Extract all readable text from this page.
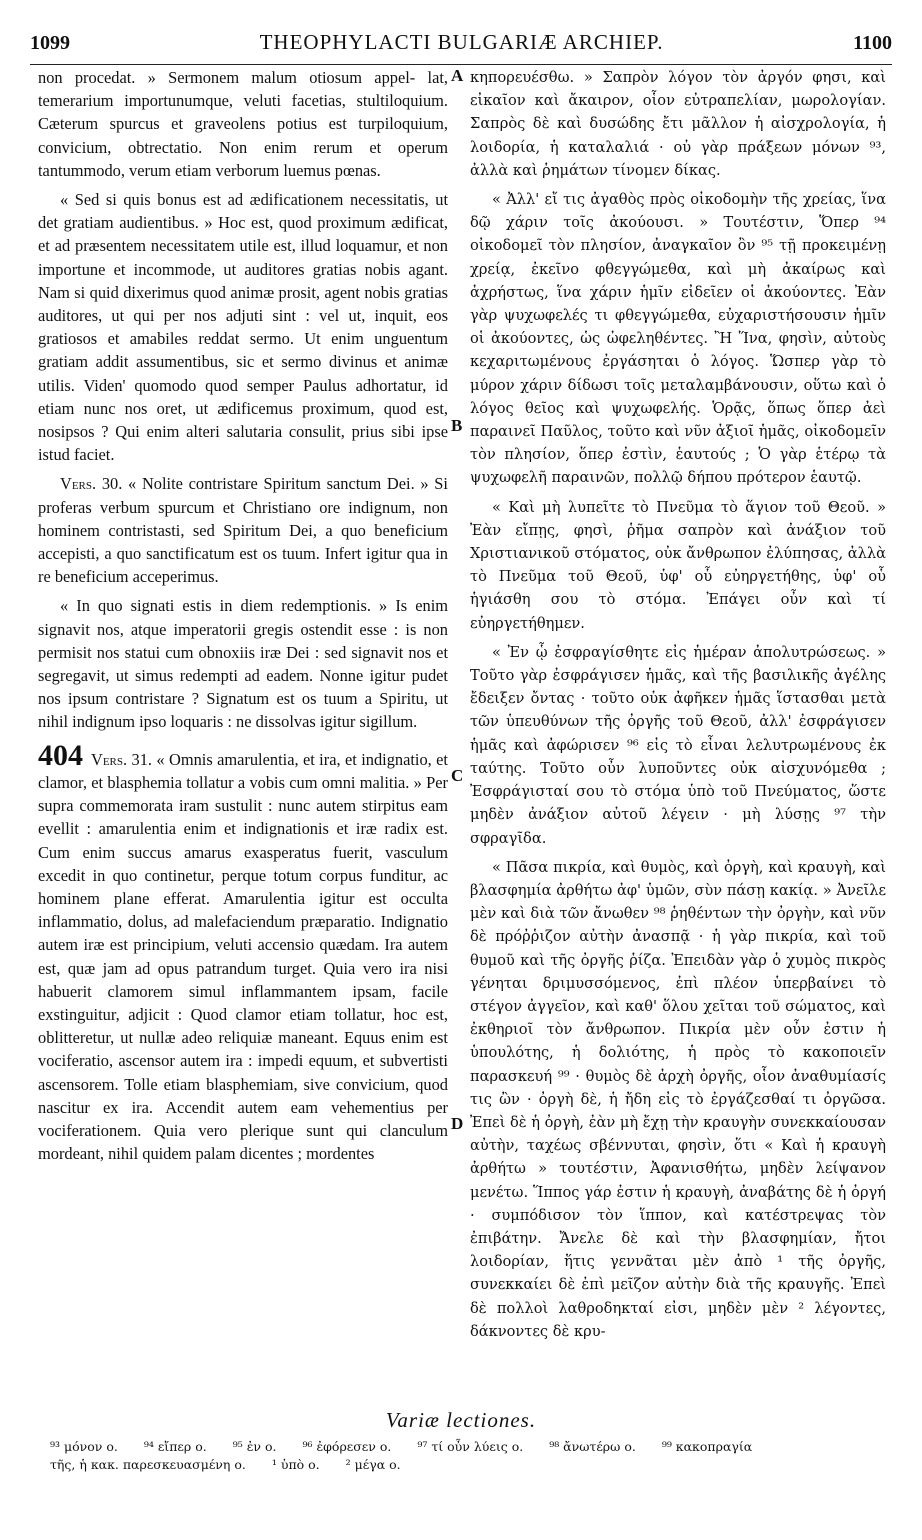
1099	THEOPHYLACTI BULGARIÆ ARCHIEP.	1100

non procedat. » Sermonem malum otiosum appel- lat, temerarium importunumque, veluti facetias, stultiloquium. Cæterum spurcus et graveolens potius est turpiloquium, convicium, obtrectatio. Non enim rerum et operum tantummodo, verum etiam verborum luemus pœnas.

« Sed si quis bonus est ad ædificationem necessitatis, ut det gratiam audientibus. » Hoc est, quod proximum ædificat, et ad præsentem necessitatem utile est, illud loquamur, et non importune et incommode, ut auditores gratias nobis agant. Nam si quid dixerimus quod animæ prosit, agent nobis gratias auditores, ut qui per nos adjuti sint : vel ut, inquit, eos gratiosos et amabiles reddat sermo. Ut enim unguentum gratiam addit assumentibus, sic et sermo divinus et animæ utilis. Viden' quomodo quod semper Paulus adhortatur, id etiam nunc nos oret, ut ædificemus proximum, quod est, nosipsos ? Qui enim alteri salutaria consulit, prius sibi ipse istud faciet.

Vers. 30. « Nolite contristare Spiritum sanctum Dei. » Si proferas verbum spurcum et Christiano ore indignum, non hominem contristasti, sed Spiritum Dei, a quo beneficium accepisti, a quo sanctificatum est os tuum. Infert igitur qua in re beneficium acceperimus.

« In quo signati estis in diem redemptionis. » Is enim signavit nos, atque imperatorii gregis ostendit esse : is non permisit nos statui cum obnoxiis iræ Dei : sed signavit nos et segregavit, ut simus redempti ad eadem. Nonne igitur pudet nos ipsum contristare ? Signatum est os tuum a Spiritu, ut nihil indignum ipso loquaris : ne dissolvas igitur sigillum.

404 Vers. 31. « Omnis amarulentia, et ira, et indignatio, et clamor, et blasphemia tollatur a vobis cum omni malitia. » Per supra commemorata iram sustulit : nunc autem stirpitus eam evellit : amarulentia enim et indignationis et iræ radix est. Cum enim succus amarus exasperatus fuerit, vasculum excedit in quo continetur, perque totum corpus funditur, ac hominem plane efferat. Amarulentia igitur est occulta inflammatio, dolus, ad malefaciendum præparatio. Indignatio autem iræ est principium, veluti accensio quædam. Ira autem est, quæ jam ad opus patrandum turget. Quia vero ira nisi habuerit clamorem simul inflammantem ipsam, facile exstinguitur, adjicit : Quod clamor etiam tollatur, hoc est, oblitteretur, ut nullæ adeo reliquiæ maneant. Equus enim est vociferatio, ascensor autem ira : impedi equum, et subvertisti ascensorem. Tolle etiam blasphemiam, sive convicium, quod nascitur ex ira. Accendit autem eam vehementius per vociferationem. Quia vero plerique sunt qui clanculum mordeant, nihil quidem palam dicentes ; mordentes

A
B
C
D

κηπορευέσθω. » Σαπρὸν λόγον τὸν ἀργόν φησι, καὶ εἰκαῖον καὶ ἄκαιρον, οἷον εὐτραπελίαν, μωρολογίαν. Σαπρὸς δὲ καὶ δυσώδης ἔτι μᾶλλον ἡ αἰσχρολογία, ἡ λοιδορία, ἡ καταλαλιά · οὐ γὰρ πράξεων μόνων ⁹³, ἀλλὰ καὶ ῥημάτων τίνομεν δίκας.

« Ἀλλ' εἴ τις ἀγαθὸς πρὸς οἰκοδομὴν τῆς χρείας, ἵνα δῷ χάριν τοῖς ἀκούουσι. » Τουτέστιν, Ὅπερ ⁹⁴ οἰκοδομεῖ τὸν πλησίον, ἀναγκαῖον ὂν ⁹⁵ τῇ προκειμένῃ χρείᾳ, ἐκεῖνο φθεγγώμεθα, καὶ μὴ ἀκαίρως καὶ ἀχρήστως, ἵνα χάριν ἡμῖν εἰδεῖεν οἱ ἀκούοντες. Ἐὰν γὰρ ψυχωφελές τι φθεγγώμεθα, εὐχαριστήσουσιν ἡμῖν οἱ ἀκούοντες, ὡς ὠφεληθέντες. Ἢ Ἵνα, φησὶν, αὐτοὺς κεχαριτωμένους ἐργάσηται ὁ λόγος. Ὥσπερ γὰρ τὸ μύρον χάριν δίδωσι τοῖς μεταλαμβάνουσιν, οὕτω καὶ ὁ λόγος θεῖος καὶ ψυχωφελής. Ὁρᾷς, ὅπως ὅπερ ἀεὶ παραινεῖ Παῦλος, τοῦτο καὶ νῦν ἀξιοῖ ἡμᾶς, οἰκοδομεῖν τὸν πλησίον, ὅπερ ἐστὶν, ἑαυτούς ; Ὁ γὰρ ἑτέρῳ τὰ ψυχωφελῆ παραινῶν, πολλῷ δήπου πρότερον ἑαυτῷ.

« Καὶ μὴ λυπεῖτε τὸ Πνεῦμα τὸ ἅγιον τοῦ Θεοῦ. » Ἐὰν εἴπῃς, φησὶ, ῥῆμα σαπρὸν καὶ ἀνάξιον τοῦ Χριστιανικοῦ στόματος, οὐκ ἄνθρωπον ἐλύπησας, ἀλλὰ τὸ Πνεῦμα τοῦ Θεοῦ, ὑφ' οὗ εὐηργετήθης, ὑφ' οὗ ἡγιάσθη σου τὸ στόμα. Ἐπάγει οὖν καὶ τί εὐηργετήθημεν.

« Ἐν ᾧ ἐσφραγίσθητε εἰς ἡμέραν ἀπολυτρώσεως. » Τοῦτο γὰρ ἐσφράγισεν ἡμᾶς, καὶ τῆς βασιλικῆς ἀγέλης ἔδειξεν ὄντας · τοῦτο οὐκ ἀφῆκεν ἡμᾶς ἵστασθαι μετὰ τῶν ὑπευθύνων τῆς ὀργῆς τοῦ Θεοῦ, ἀλλ' ἐσφράγισεν ἡμᾶς καὶ ἀφώρισεν ⁹⁶ εἰς τὸ εἶναι λελυτρωμένους ἐκ ταύτης. Τοῦτο οὖν λυποῦντες οὐκ αἰσχυνόμεθα ; Ἐσφράγισταί σου τὸ στόμα ὑπὸ τοῦ Πνεύματος, ὥστε μηδὲν ἀνάξιον αὐτοῦ λέγειν · μὴ λύσῃς ⁹⁷ τὴν σφραγῖδα.

« Πᾶσα πικρία, καὶ θυμὸς, καὶ ὀργὴ, καὶ κραυγὴ, καὶ βλασφημία ἀρθήτω ἀφ' ὑμῶν, σὺν πάσῃ κακίᾳ. » Ἀνεῖλε μὲν καὶ διὰ τῶν ἄνωθεν ⁹⁸ ῥηθέντων τὴν ὀργὴν, καὶ νῦν δὲ πρόῤῥιζον αὐτὴν ἀνασπᾷ · ἡ γὰρ πικρία, καὶ τοῦ θυμοῦ καὶ τῆς ὀργῆς ῥίζα. Ἐπειδὰν γὰρ ὁ χυμὸς πικρὸς γένηται δριμυσσόμενος, ἐπὶ πλέον ὑπερβαίνει τὸ στέγον ἀγγεῖον, καὶ καθ' ὅλου χεῖται τοῦ σώματος, καὶ ἐκθηριοῖ τὸν ἄνθρωπον. Πικρία μὲν οὖν ἐστιν ἡ ὑπουλότης, ἡ δολιότης, ἡ πρὸς τὸ κακοποιεῖν παρασκευή ⁹⁹ · θυμὸς δὲ ἀρχὴ ὀργῆς, οἷον ἀναθυμίασίς τις ὢν · ὀργὴ δὲ, ἡ ἤδη εἰς τὸ ἐργάζεσθαί τι ὀργῶσα. Ἐπεὶ δὲ ἡ ὀργὴ, ἐὰν μὴ ἔχῃ τὴν κραυγὴν συνεκκαίουσαν αὐτὴν, ταχέως σβέννυται, φησὶν, ὅτι « Καὶ ἡ κραυγὴ ἀρθήτω » τουτέστιν, Ἀφανισθήτω, μηδὲν λείψανον μενέτω. Ἵππος γάρ ἐστιν ἡ κραυγὴ, ἀναβάτης δὲ ἡ ὀργή · συμπόδισον τὸν ἵππον, καὶ κατέστρεψας τὸν ἐπιβάτην. Ἄνελε δὲ καὶ τὴν βλασφημίαν, ἤτοι λοιδορίαν, ἥτις γεννᾶται μὲν ἀπὸ ¹ τῆς ὀργῆς, συνεκκαίει δὲ ἐπὶ μεῖζον αὐτὴν διὰ τῆς κραυγῆς. Ἐπεὶ δὲ πολλοὶ λαθροδηκταί εἰσι, μηδὲν μὲν ² λέγοντες, δάκνοντες δὲ κρυ-

Variæ lectiones.
⁹³ μόνον ο. ⁹⁴ εἴπερ ο. ⁹⁵ ἐν ο. ⁹⁶ ἐφόρεσεν ο. ⁹⁷ τί οὖν λύεις ο. ⁹⁸ ἄνωτέρω ο. ⁹⁹ κακοπραγία
τῆς, ἡ κακ. παρεσκευασμένη ο. ¹ ὑπὸ ο. ² μέγα ο.
